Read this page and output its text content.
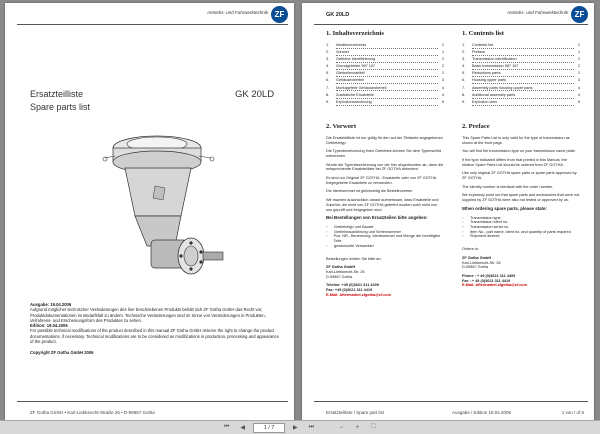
Antriebs- und Fahrwerktechnik ZF
Ersatzteilliste
Spare parts list
GK 20LD
Ausgabe: 19.04.2006
Aufgrund möglicher technischer Veränderungen des hier beschriebenen Produkts behält sich ZF Gotha GmbH das Recht vor, Produktdokumentationen im Bedarfsfall zu ändern. Technische Veränderungen sind im Sinne von Veränderungen in Produkten, Verfahrens- und Erscheinungsform des Produktes zu sehen.
Edition: 19.04.2006
For possible technical modifications of the product described in this manual ZF Gotha GmbH reserve the right to change the product documentations, if necessary. Technical modifications are to be considered as modifications in production, processing and appearance of the product.
Copyright ZF Gotha GmbH 2006
ZF Gotha GmbH • Karl-Liebknecht-Straße 26 • D-99867 Gotha
GK 20LD	Antriebs- und Fahrwerktechnik ZF
1. Inhaltsverzeichnis
1.	Inhaltsverzeichnis	1
2.	Vorwort	1
3.	Getriebe Identifizierung	2
4.	Grundgetriebe 967 167	2
5.	Gleitrollenzahlteil	2
6.	Gehäuseoberteil	3
7.	Montagefertr Gehäuseoberteil	4
8.	Zusätzliche Ersatzteile	4
9.	Explosionszeichnung	5
2. Vorwort
Die Ersatzteilliste ist nur gültig für den auf der Titelseite angegebenen Getriebetyp.
Die Typenbezeichnung Ihres Getriebes können Sie dem Typenschild entnehmen.
Wurde die Typenbezeichnung von der hier abgedruckten ab, dann die entsprechende Ersatzteilliste bei ZF GOTHA anfordern.
Es sind nur Original ZF GOTHA - Ersatzteile oder von ZF GOTHA freigegebene Ersatzteile zu verwenden.
Die Identnummer ist gleichzeitig die Bestellnummer.
Wir machen ausdrücklich darauf aufmerksam, dass Ersatzteile und Zubehör, die nicht von ZF GOTHA geliefert wurden auch nicht von uns geprüft und freigegeben sind.
Bei Bestellungen von Ersatzteilen bitte angeben:
▫	Getriebetyp und Bauart
▫	Getriebeausführung und Seriennummer
▫	Pos. NR., Benennung, Identnummer und Menge der benötigten Teile
▫	gewünschte Versandart
Bestellungen richten Sie bitte an:
ZF Gotha GmbH
Karl-Liebknecht-Str. 26
D-99867 Gotha
Telefon: +49 (0)3621 311 4409
Fax: +49 (0)3621 311 4419
E-Mail: Aftermarket.zfgotha@zf.com
1. Contents list
1.	Contents list	1
2.	Preface	1
3.	Transmission identification	2
4.	Basic transmission 967 167	2
5.	Reductions parts	2
6.	Housing upper parts	3
7.	Assembly parts housing upper parts	4
8.	Additional assembly parts	4
9.	Explosion view	5
2. Preface
This Spare Parts List is only valid for the type of transmission as shown at the front page.
You will find the transmission type on your transmission name plate.
If the type indicated differs from that printed in this Manual, the relative Spare Parts List should be ordered from ZF GOTHA.
Use only original ZF GOTHA spare parts or spare parts approved by ZF GOTHA.
The identity number is identical with the order number.
We expressly point out that spare parts and accessories that were not supplied by ZF GOTHA were also not tested or approved by us.
When ordering spare parts, please state:
▫	Transmission type
▫	Transmission Ident no.
▫	Transmission serial no.
▫	Item No., part name, ident no. and quantity of parts required
▫	Shipment desired
Orders to:
ZF Gotha GmbH
Karl-Liebknecht-Str. 26
D-99867 Gotha
Phone : + 49 (0)3621 311 4409
Fax : + 49 (0)3621 311 4419
E-Mail: Aftermarket.zfgotha@zf.com
Ersatzteilliste / Spare part list	Ausgabe / Edition 19.04.2006	1 von / of 6
⏮	◀	1 / 7	▶	⏭	−	+	⛶
